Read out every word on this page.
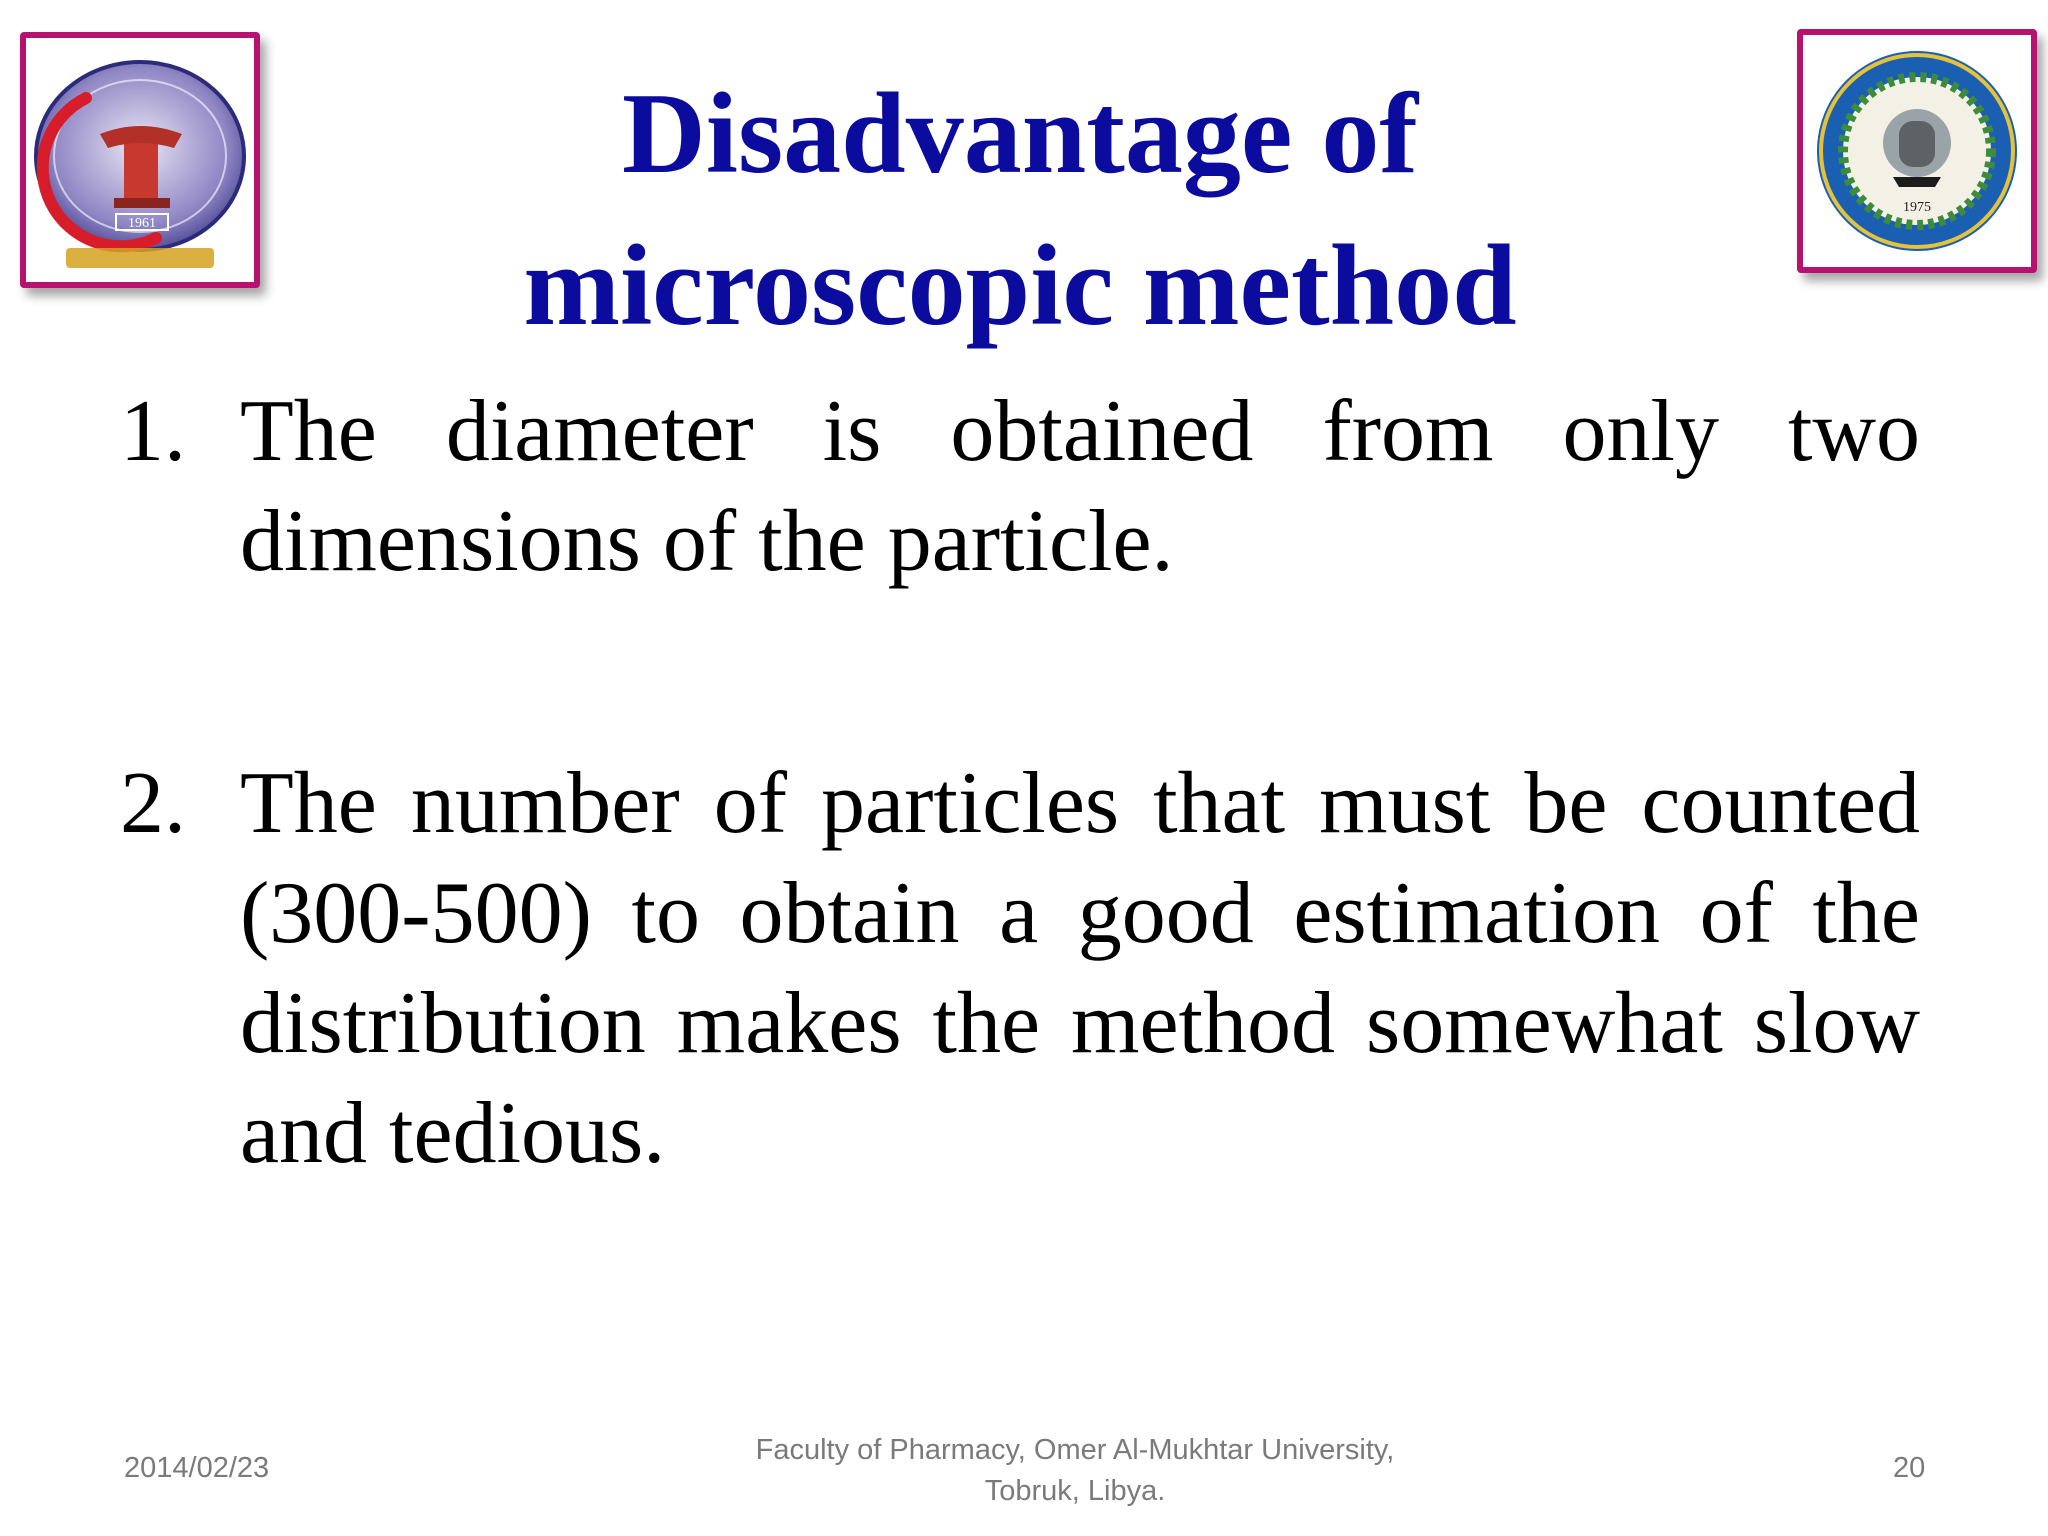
1961
1975
Disadvantage of
microscopic method
1. The diameter is obtained from only two dimensions of the particle.
2. The number of particles that must be counted (300-500) to obtain a good estimation of the distribution makes the method somewhat slow and tedious.
2014/02/23
Faculty of Pharmacy, Omer Al-Mukhtar University,
Tobruk, Libya.
20
